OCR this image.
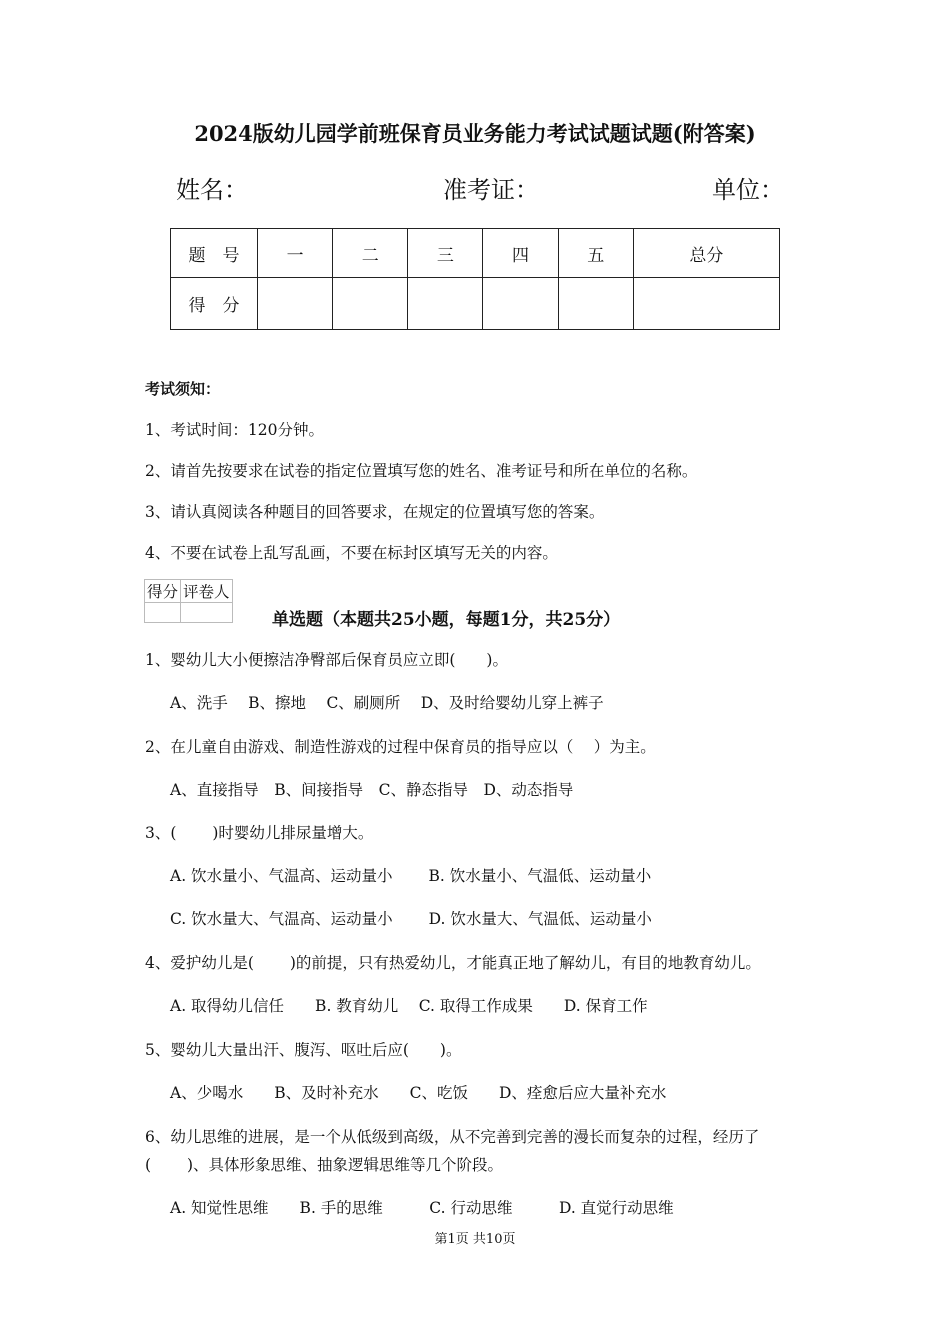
2024版幼儿园学前班保育员业务能力考试试题试题(附答案)
姓名：	准考证：	单位：
题　号	一	二	三	四	五	总分
得　分						
考试须知：
1、考试时间：120分钟。
2、请首先按要求在试卷的指定位置填写您的姓名、准考证号和所在单位的名称。
3、请认真阅读各种题目的回答要求，在规定的位置填写您的答案。
4、不要在试卷上乱写乱画，不要在标封区填写无关的内容。
得分	评卷人

单选题（本题共25小题，每题1分，共25分）
1、婴幼儿大小便擦洁净臀部后保育员应立即(　　)。
A、洗手　 B、擦地　 C、刷厕所　 D、及时给婴幼儿穿上裤子
2、在儿童自由游戏、制造性游戏的过程中保育员的指导应以（　 ）为主。
A、直接指导　B、间接指导　C、静态指导　D、动态指导
3、(　　 )时婴幼儿排尿量增大。
A. 饮水量小、气温高、运动量小　　 B. 饮水量小、气温低、运动量小
C. 饮水量大、气温高、运动量小　　 D. 饮水量大、气温低、运动量小
4、爱护幼儿是(　　 )的前提，只有热爱幼儿，才能真正地了解幼儿，有目的地教育幼儿。
A. 取得幼儿信任　　B. 教育幼儿　 C. 取得工作成果　　D. 保育工作
5、婴幼儿大量出汗、腹泻、呕吐后应(　　)。
A、少喝水　　B、及时补充水　　C、吃饭　　D、痊愈后应大量补充水
6、幼儿思维的进展，是一个从低级到高级，从不完善到完善的漫长而复杂的过程，经历了
(　　 )、具体形象思维、抽象逻辑思维等几个阶段。
A. 知觉性思维　　B. 手的思维　　　C. 行动思维　　　D. 直觉行动思维
第1页 共10页
